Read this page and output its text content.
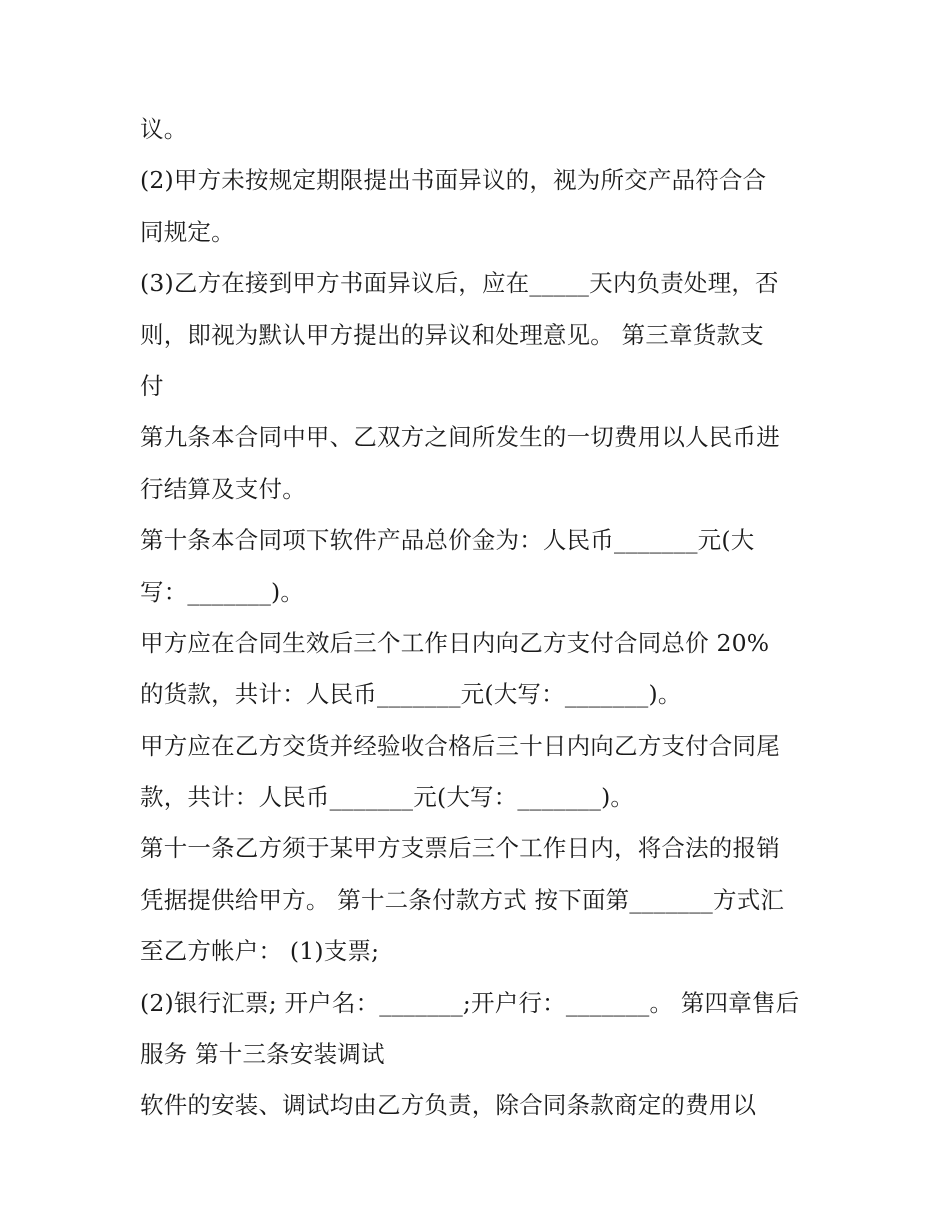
议。
(2)甲方未按规定期限提出书面异议的，视为所交产品符合合
同规定。
(3)乙方在接到甲方书面异议后，应在_____天内负责处理，否
则，即视为默认甲方提出的异议和处理意见。 第三章货款支
付
第九条本合同中甲、乙双方之间所发生的一切费用以人民币进
行结算及支付。
第十条本合同项下软件产品总价金为：人民币_______元(大
写：_______)。
甲方应在合同生效后三个工作日内向乙方支付合同总价 20%
的货款，共计：人民币_______元(大写：_______)。
甲方应在乙方交货并经验收合格后三十日内向乙方支付合同尾
款，共计：人民币_______元(大写：_______)。
第十一条乙方须于某甲方支票后三个工作日内，将合法的报销
凭据提供给甲方。 第十二条付款方式 按下面第_______方式汇
至乙方帐户： (1)支票;
(2)银行汇票; 开户名：_______;开户行：_______。 第四章售后
服务 第十三条安装调试
软件的安装、调试均由乙方负责，除合同条款商定的费用以
